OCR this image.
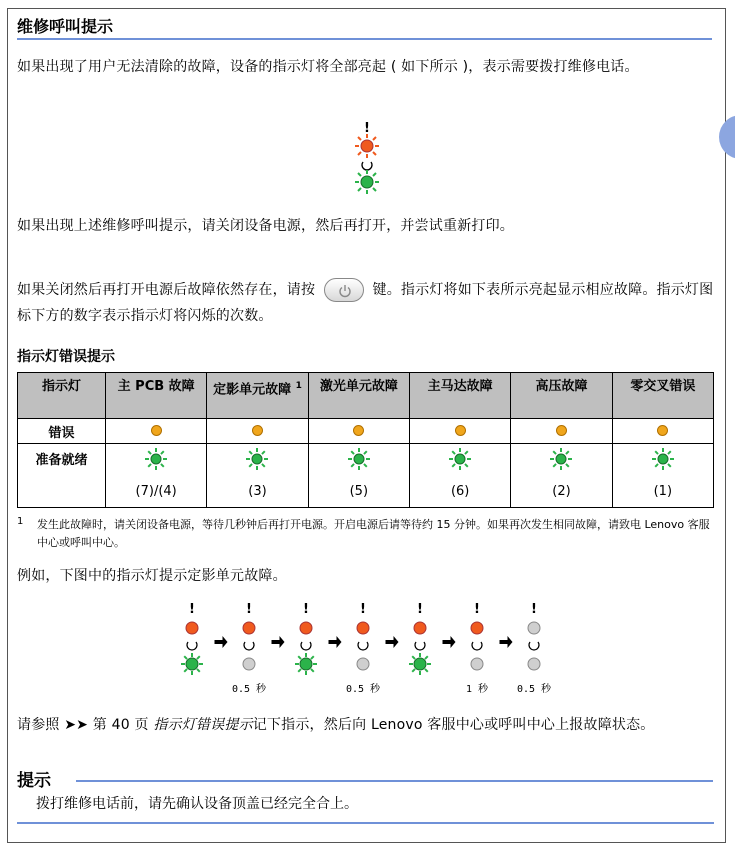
维修呼叫提示
如果出现了用户无法清除的故障，设备的指示灯将全部亮起 ( 如下所示 )，表示需要拨打维修电话。
!
如果出现上述维修呼叫提示，请关闭设备电源，然后再打开，并尝试重新打印。
如果关闭然后再打开电源后故障依然存在，请按	键。指示灯将如下表所示亮起显示相应故障。指示灯图标下方的数字表示指示灯将闪烁的次数。
指示灯错误提示
指示灯	主 PCB 故障	定影单元故障 $^1$	激光单元故障	主马达故障	高压故障	零交叉错误
错误						
准备就绪	(7)/(4)	(3)	(5)	(6)	(2)	(1)
1 发生此故障时，请关闭设备电源，等待几秒钟后再打开电源。开启电源后请等待约 15 分钟。如果再次发生相同故障，请致电 Lenovo 客服中心或呼叫中心。
例如，下图中的指示灯提示定影单元故障。
!	!	!	!	!	!	!
0.5 秒	0.5 秒	1 秒	0.5 秒
请参照 ➤➤ 第 40 页 指示灯错误提示记下指示，然后向 Lenovo 客服中心或呼叫中心上报故障状态。
提示
拨打维修电话前，请先确认设备顶盖已经完全合上。
